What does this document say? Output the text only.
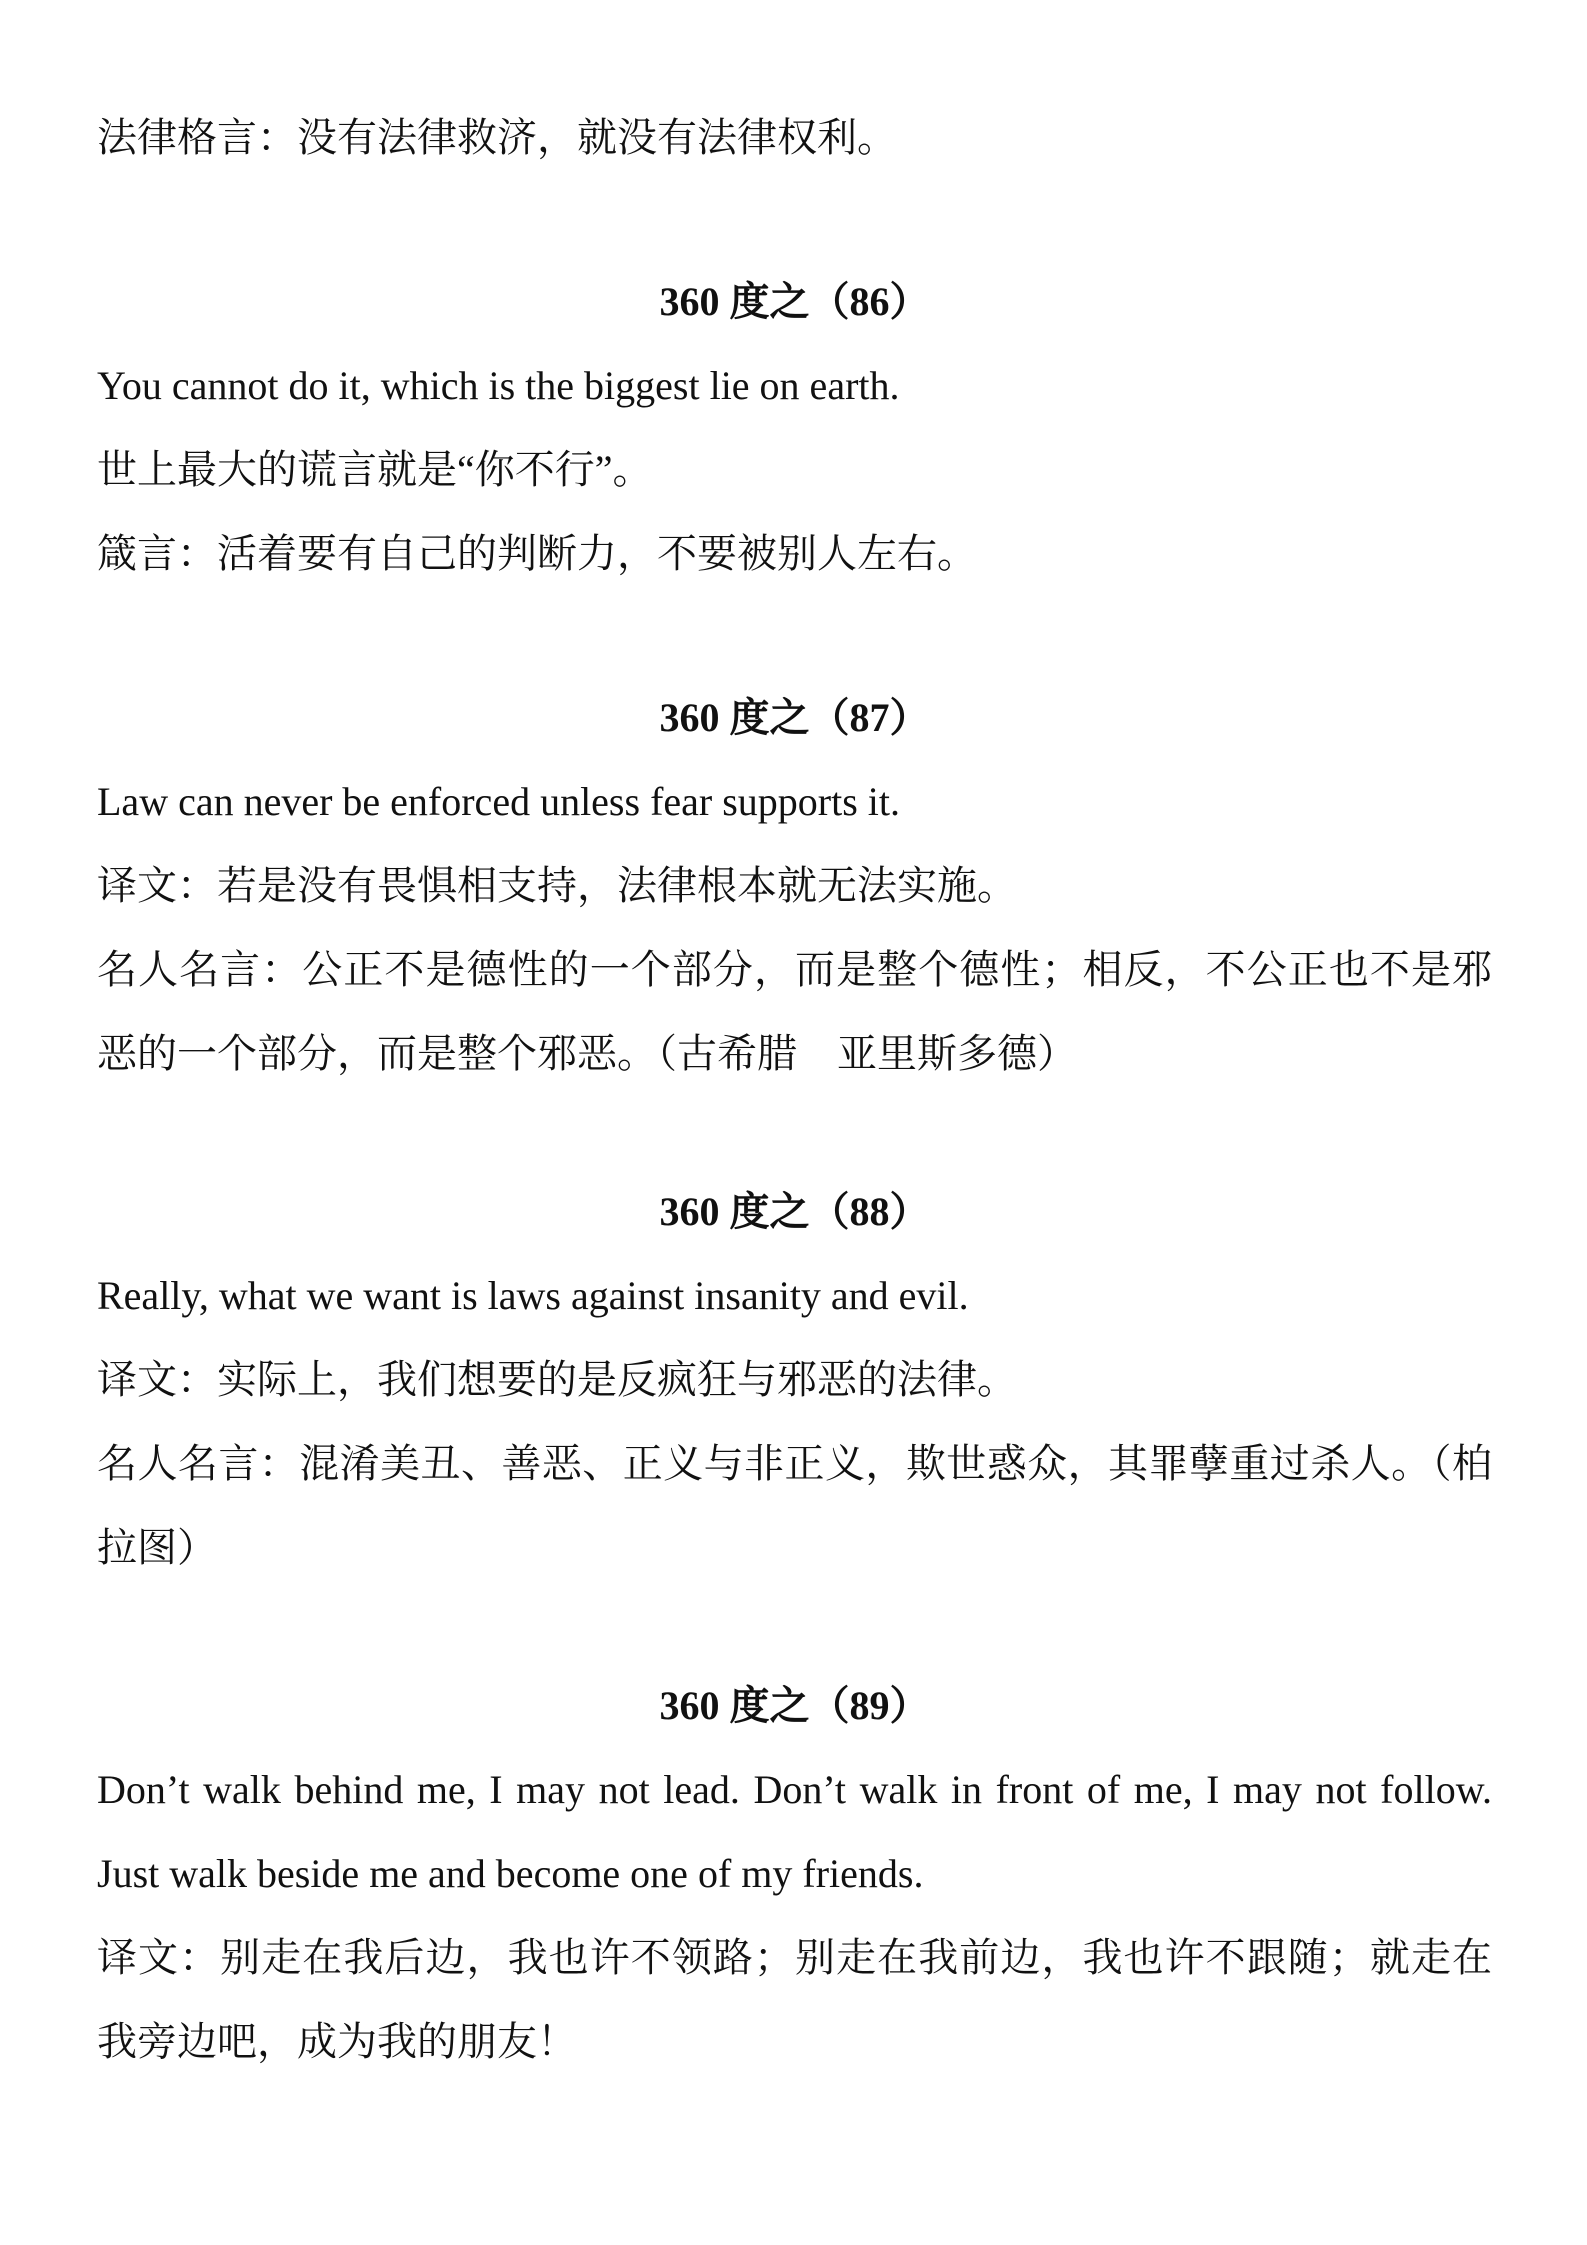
法律格言：没有法律救济，就没有法律权利。

360 度之（86）

You cannot do it, which is the biggest lie on earth.

世上最大的谎言就是“你不行”。

箴言：活着要有自己的判断力，不要被别人左右。

360 度之（87）

Law can never be enforced unless fear supports it.

译文：若是没有畏惧相支持，法律根本就无法实施。

名人名言：公正不是德性的一个部分，而是整个德性；相反，不公正也不是邪恶的一个部分，而是整个邪恶。（古希腊　亚里斯多德）

360 度之（88）

Really, what we want is laws against insanity and evil.

译文：实际上，我们想要的是反疯狂与邪恶的法律。

名人名言：混淆美丑、善恶、正义与非正义，欺世惑众，其罪孽重过杀人。（柏拉图）

360 度之（89）

Don’t walk behind me, I may not lead. Don’t walk in front of me, I may not follow. Just walk beside me and become one of my friends.

译文：别走在我后边，我也许不领路；别走在我前边，我也许不跟随；就走在我旁边吧，成为我的朋友！
